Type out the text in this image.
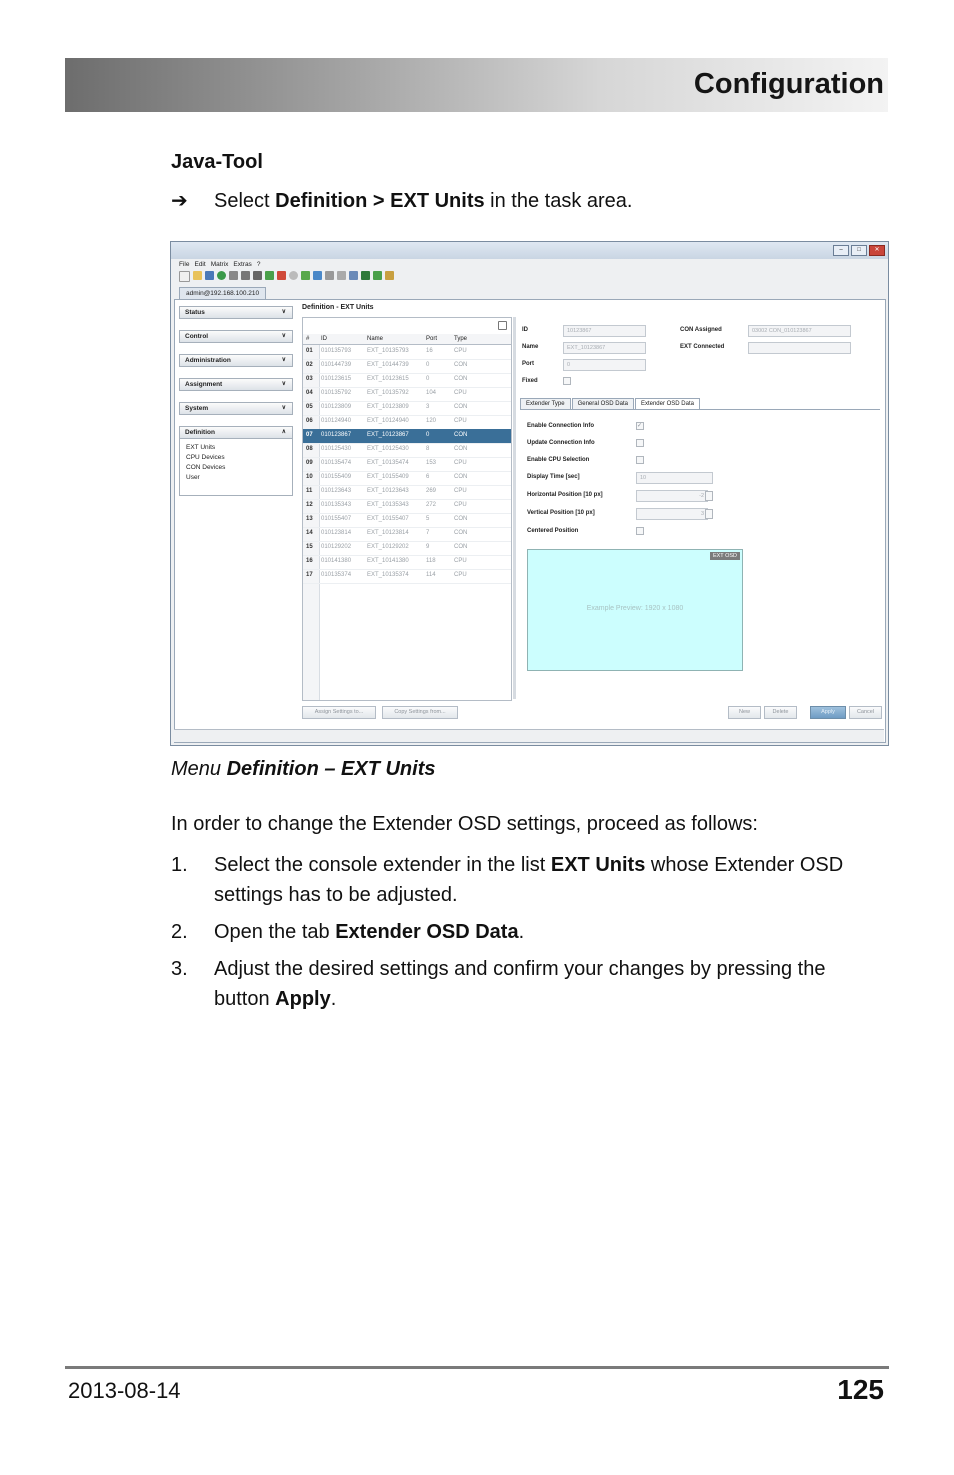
Configuration
Java-Tool
➔ Select Definition > EXT Units in the task area.
–	□	✕
File Edit Matrix Extras ?
admin@192.168.100.210
Status	∨
Control	∨
Administration	∨
Assignment	∨
System	∨
Definition	∧
EXT Units
CPU Devices
CON Devices
User
Definition - EXT Units
#	ID	Name	Port	Type
01	010135793	EXT_10135793	16	CPU
02	010144739	EXT_10144739	0	CON
03	010123615	EXT_10123615	0	CON
04	010135792	EXT_10135792	104	CPU
05	010123809	EXT_10123809	3	CON
06	010124940	EXT_10124940	120	CPU
07	010123867	EXT_10123867	0	CON
08	010125430	EXT_10125430	8	CON
09	010135474	EXT_10135474	153	CPU
10	010155409	EXT_10155409	6	CON
11	010123643	EXT_10123643	269	CPU
12	010135343	EXT_10135343	272	CPU
13	010155407	EXT_10155407	5	CON
14	010123814	EXT_10123814	7	CON
15	010129202	EXT_10129202	9	CON
16	010141380	EXT_10141380	118	CPU
17	010135374	EXT_10135374	114	CPU
ID	10123867
Name	EXT_10123867
Port	0
Fixed
CON Assigned	03002 CON_010123867
EXT Connected
Extender Type	General OSD Data	Extender OSD Data
Enable Connection Info	✓
Update Connection Info
Enable CPU Selection
Display Time [sec]	10
Horizontal Position [10 px]	-2
Vertical Position [10 px]	3
Centered Position
EXT OSD
Example Preview: 1920 x 1080
Assign Settings to...	Copy Settings from...	New	Delete	Apply	Cancel
Menu Definition – EXT Units
In order to change the Extender OSD settings, proceed as follows:
1.	Select the console extender in the list EXT Units whose Extender OSD settings has to be adjusted.
2.	Open the tab Extender OSD Data.
3.	Adjust the desired settings and confirm your changes by pressing the button Apply.
2013-08-14	125
